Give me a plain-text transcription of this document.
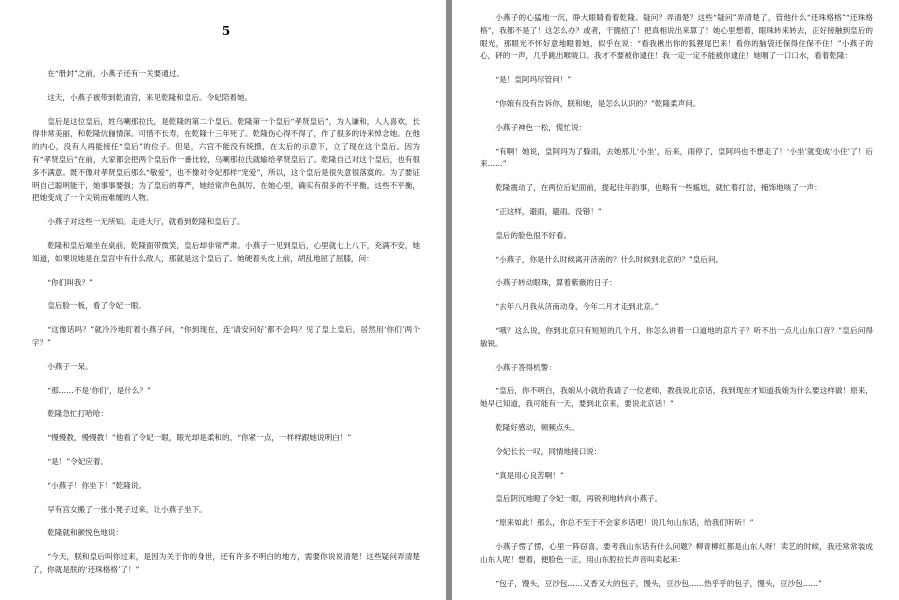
5

在“册封”之前，小燕子还有一关要通过。

这天，小燕子被带到乾清宫，来见乾隆和皇后。令妃陪着她。

皇后是这位皇后，姓乌喇那拉氏，是乾隆的第二个皇后。乾隆第一个皇后“孝贤皇后”，为人谦和，人人喜欢，长得非常美丽，和乾隆伉俪情深。可惜不长寿，在乾隆十三年死了。乾隆伤心得不得了，作了很多的诗来悼念她。在他的内心，没有人再能接任“皇后”的位子。但是，六宫不能没有统摄，在太后的示意下，立了现在这个皇后。因为有“孝贤皇后”在前，大家都会把两个皇后作一番比较，乌喇那拉氏就输给孝贤皇后了。乾隆自己对这个皇后，也有很多不满意。既不像对孝贤皇后那么“敬爱”，也不像对令妃那样“宠爱”，所以，这个皇后是很失意很落寞的。为了要证明自己聪明能干，她事事要强；为了皇后的尊严，她经常声色俱厉。在她心里，确实有很多的不平衡，这些不平衡，把她变成了一个尖锐而难缠的人物。

小燕子对这些一无所知。走进大厅，就看到乾隆和皇后了。

乾隆和皇后端坐在桌前，乾隆面带微笑，皇后却非常严肃。小燕子一见到皇后，心里就七上八下，充满不安，她知道，如果说她是在皇宫中有什么敌人，那就是这个皇后了。她硬着头皮上前，胡乱地屈了屈膝，问：

“你们叫我？”

皇后脸一板，看了令妃一眼。

“这像话吗？”就冷冷地盯着小燕子问，“你到现在，连‘请安问好’都不会吗？见了皇上皇后，居然用‘你们’两个字？”

小燕子一呆。

“那……不是‘你们’，是什么？”

乾隆急忙打哈哈：

“慢慢教，慢慢教！”他看了令妃一眼，眼光却是柔和的，“你紧一点，一样样跟她说明白！”

“是！”令妃应着。

“小燕子！你坐下！”乾隆说。

早有宫女搬了一张小凳子过来，让小燕子坐下。

乾隆就和颜悦色地说：

“今天，朕和皇后叫你过来，是因为关于你的身世，还有许多不明白的地方，需要你说说清楚！这些疑问弄清楚了，你就是朕的‘还珠格格’了！”

小燕子的心猛地一沉，睁大眼睛看着乾隆。疑问？弄清楚？这些“疑问”弄清楚了，管他什么“还珠格格”“还珠格格”，我都不是了！这怎么办？或者，干脆招了！把真相说出来算了！她心里想着，眼珠转来转去，正好接触到皇后的眼光，那眼光不怀好意地瞪着她，似乎在说：“看我揪出你的狐狸尾巴来！看你的脑袋还保得住保不住！”小燕子的心，砰的一声，几乎跳出喉咙口。我才不要被你逮住！我一定一定不能被你逮住！她咽了一口口水，看着乾隆：

“是！皇阿玛尽管问！”

“你娘有没有告诉你，朕和她，是怎么认识的？”乾隆柔声问。

小燕子神色一松，慌忙说：

“有啊！她说，皇阿玛为了躲雨，去她那儿‘小坐’，后来，雨停了，皇阿玛也不想走了！‘小坐’就变成‘小住’了！后来……”

乾隆震动了，在两位后妃面前，提起往年韵事，也略有一些尴尬，就忙着打岔，掩饰地咳了一声：

“正这样，避雨，避雨。没错！”

皇后的脸色很不好看。

“小燕子，你是什么时候离开济南的？什么时候到北京的？”皇后问。

小燕子转动眼珠，算着紫薇的日子：

“去年八月我从济南动身，今年二月才走到北京。”

“哦？这么说，你到北京只有短短的几个月，你怎么讲着一口道地的京片子？听不出一点儿山东口音？”皇后问得敏锐。

小燕子答得机警：

“皇后，你不明白，我娘从小就给我请了一位老师，教我说北京话，我到现在才知道我娘为什么要这样做！原来，她早已知道，我可能有一天，要到北京来，要说北京话！”

乾隆好感动，频频点头。

令妃长长一叹，同情地接口说：

“真是用心良苦啊！”

皇后阴沉地瞪了令妃一眼，再锐利地转向小燕子。

“原来如此！那么，你总不至于不会家乡话吧！说几句山东话，给我们听听！”

小燕子愣了愣，心里一阵窃喜。要考我山东话有什么问题？柳青柳红都是山东人呀！卖艺的时候，我还常常装成山东人呢！想着，便脸色一正，用山东腔拉长声音叫卖起来：

“包子，馒头，豆沙包……又香又大的包子，馒头，豆沙包……热乎乎的包子，馒头，豆沙包……”
